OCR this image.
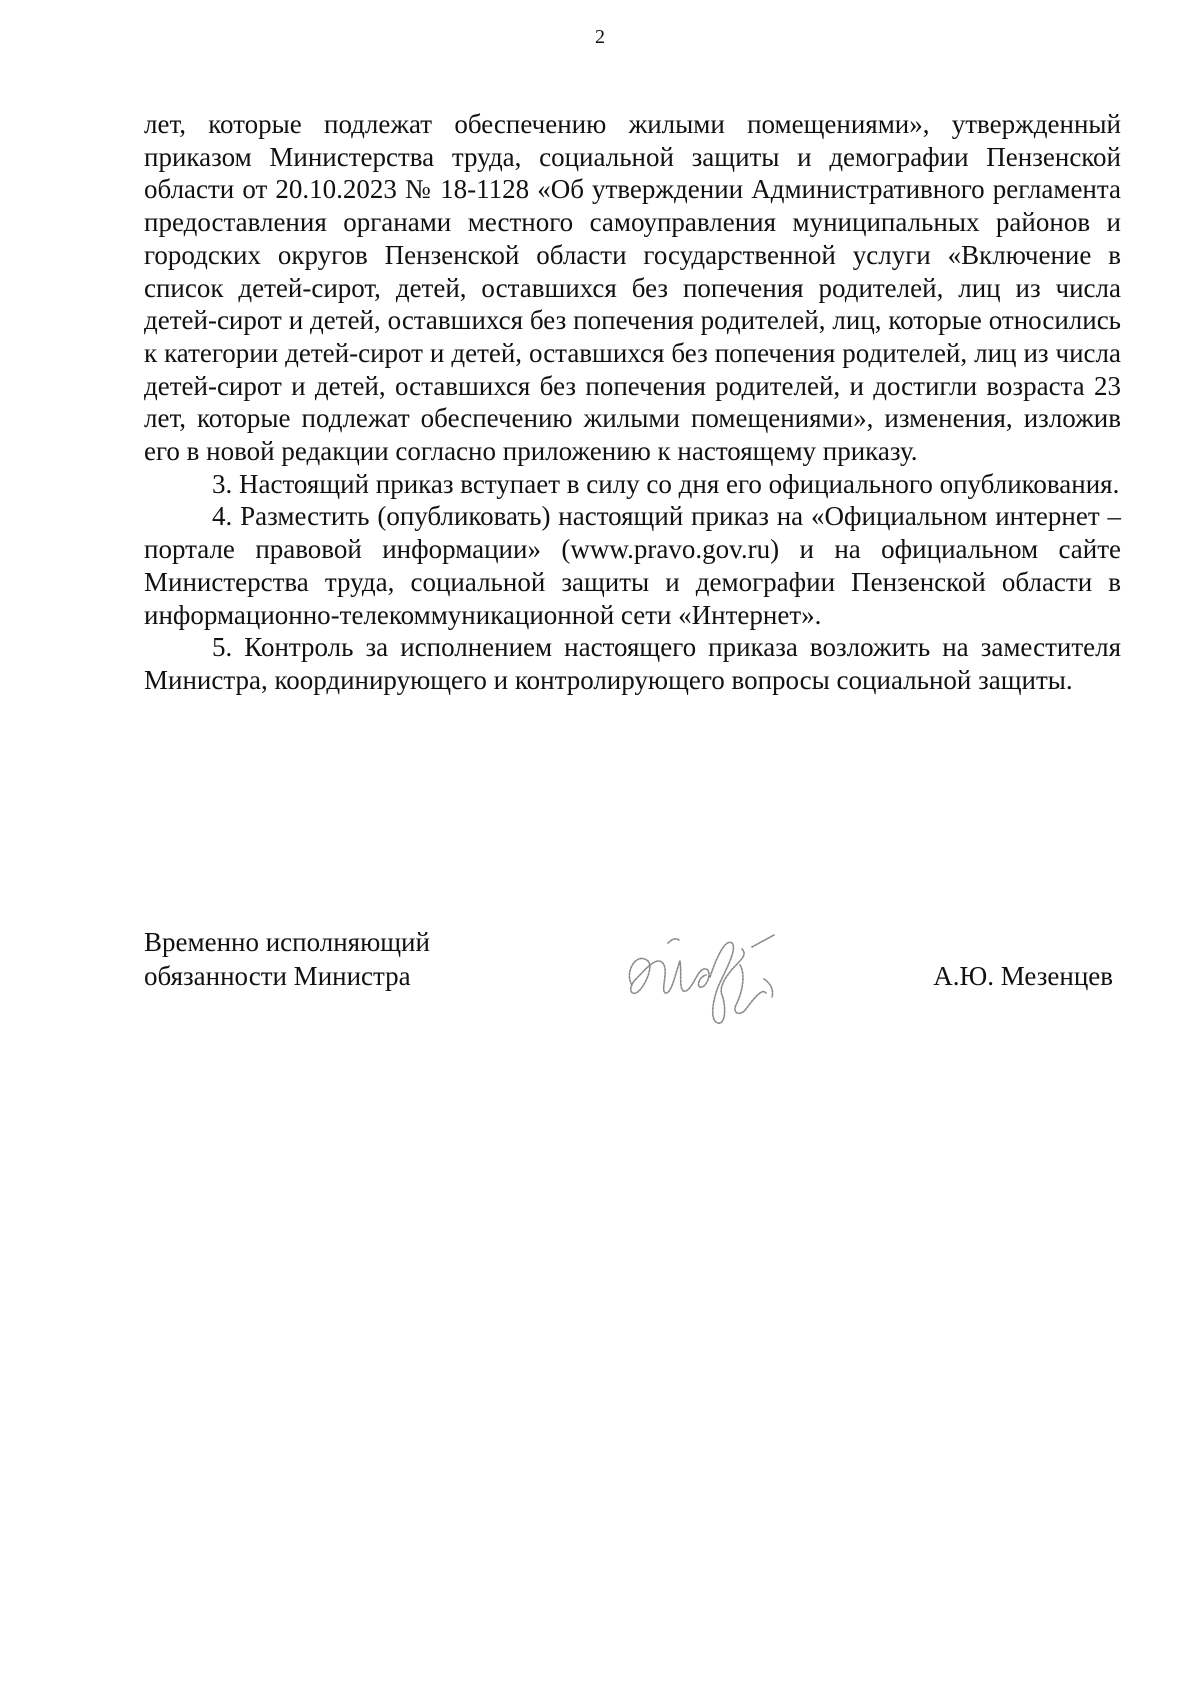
2

лет, которые подлежат обеспечению жилыми помещениями», утвержденный приказом Министерства труда, социальной защиты и демографии Пензенской области от 20.10.2023 № 18-1128 «Об утверждении Административного регламента предоставления органами местного самоуправления муниципальных районов и городских округов Пензенской области государственной услуги «Включение в список детей-сирот, детей, оставшихся без попечения родителей, лиц из числа детей-сирот и детей, оставшихся без попечения родителей, лиц, которые относились к категории детей-сирот и детей, оставшихся без попечения родителей, лиц из числа детей-сирот и детей, оставшихся без попечения родителей, и достигли возраста 23 лет, которые подлежат обеспечению жилыми помещениями», изменения, изложив его в новой редакции согласно приложению к настоящему приказу.

3. Настоящий приказ вступает в силу со дня его официального опубликования.

4. Разместить (опубликовать) настоящий приказ на «Официальном интернет – портале правовой информации» (www.pravo.gov.ru) и на официальном сайте Министерства труда, социальной защиты и демографии Пензенской области в информационно-телекоммуникационной сети «Интернет».

5. Контроль за исполнением настоящего приказа возложить на заместителя Министра, координирующего и контролирующего вопросы социальной защиты.

Временно исполняющий
обязанности Министра	А.Ю. Мезенцев
